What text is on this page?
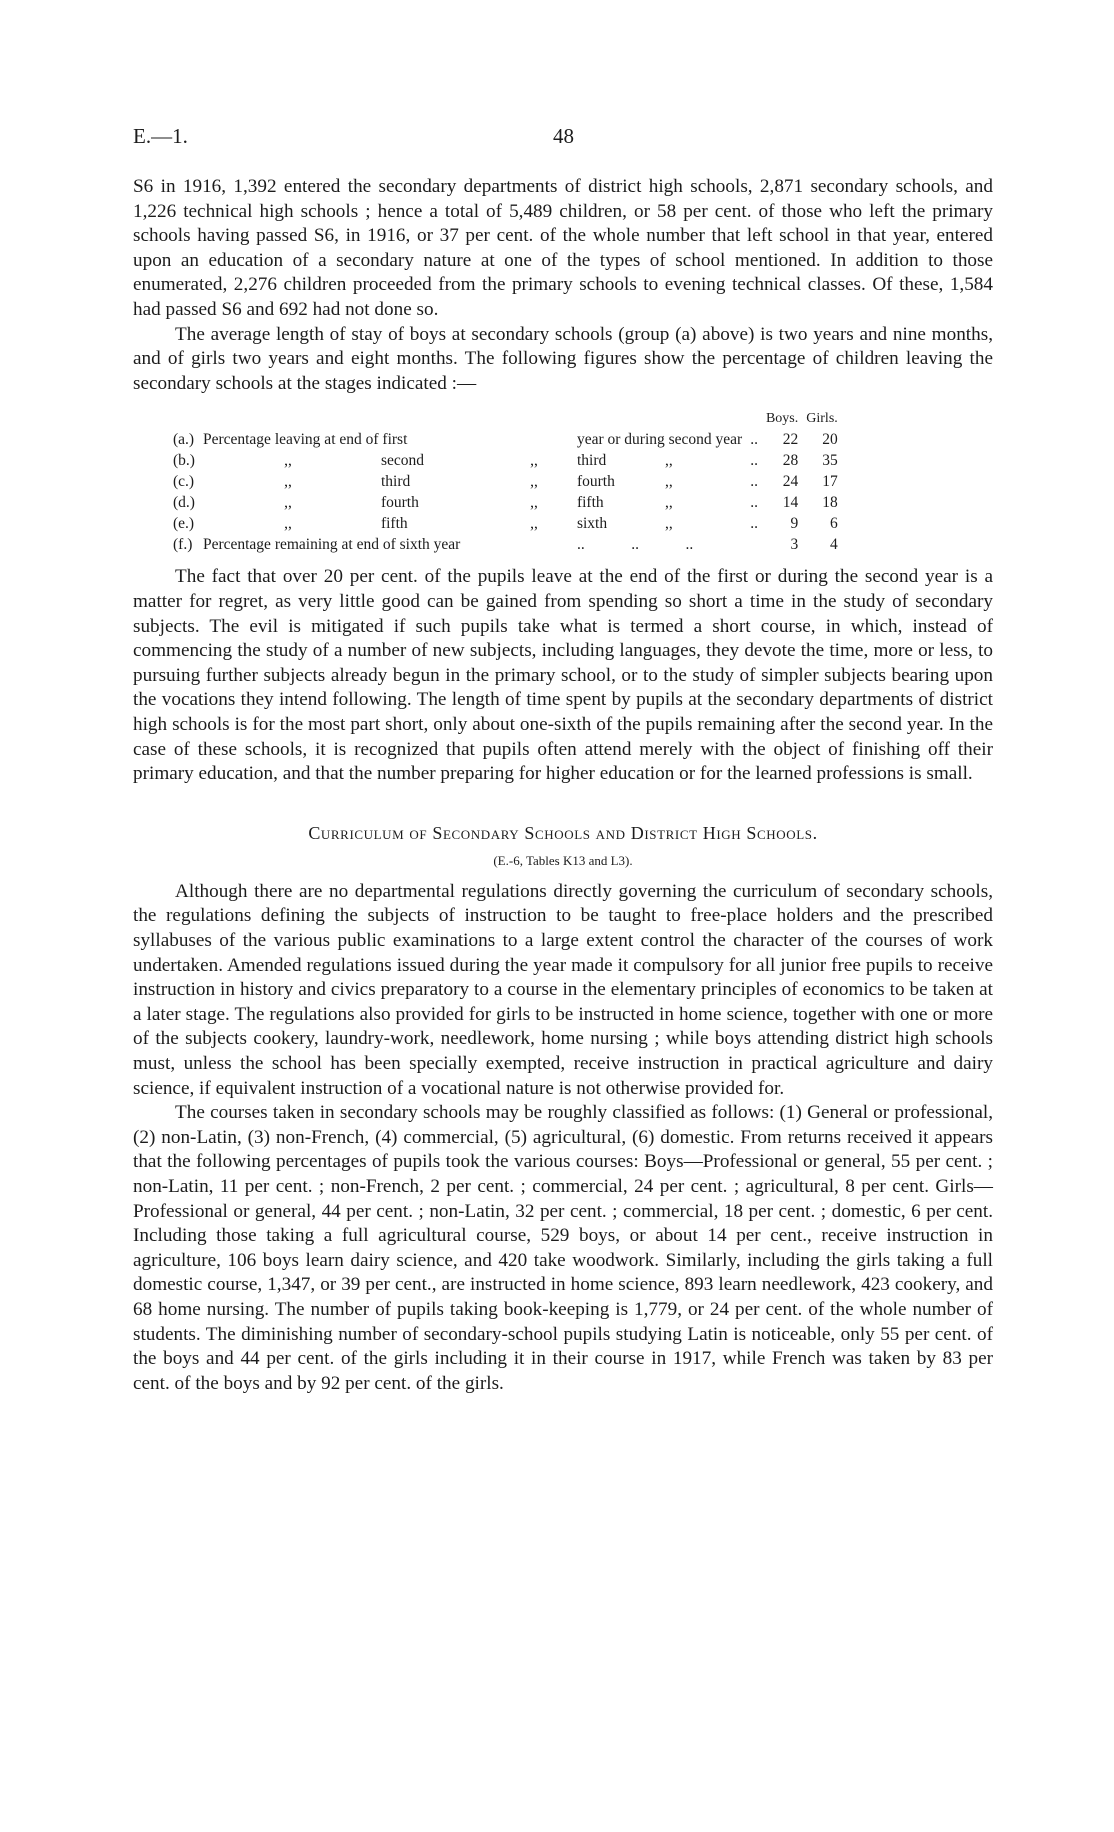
E.—1.	48

S6 in 1916, 1,392 entered the secondary departments of district high schools, 2,871 secondary schools, and 1,226 technical high schools ; hence a total of 5,489 children, or 58 per cent. of those who left the primary schools having passed S6, in 1916, or 37 per cent. of the whole number that left school in that year, entered upon an education of a secondary nature at one of the types of school mentioned. In addition to those enumerated, 2,276 children proceeded from the primary schools to evening technical classes. Of these, 1,584 had passed S6 and 692 had not done so.

The average length of stay of boys at secondary schools (group (a) above) is two years and nine months, and of girls two years and eight months. The following figures show the percentage of children leaving the secondary schools at the stages indicated :—

							Boys.	Girls.
(a.)	Percentage leaving at end of first			year or during second year		..	22	20
(b.)	,,	second	,,	third	,,	..	28	35
(c.)	,,	third	,,	fourth	,,	..	24	17
(d.)	,,	fourth	,,	fifth	,,	..	14	18
(e.)	,,	fifth	,,	sixth	,,	..	9	6
(f.)	Percentage remaining at end of sixth year			..            ..            ..			3	4

The fact that over 20 per cent. of the pupils leave at the end of the first or during the second year is a matter for regret, as very little good can be gained from spending so short a time in the study of secondary subjects. The evil is mitigated if such pupils take what is termed a short course, in which, instead of commencing the study of a number of new subjects, including languages, they devote the time, more or less, to pursuing further subjects already begun in the primary school, or to the study of simpler subjects bearing upon the vocations they intend following. The length of time spent by pupils at the secondary departments of district high schools is for the most part short, only about one-sixth of the pupils remaining after the second year. In the case of these schools, it is recognized that pupils often attend merely with the object of finishing off their primary education, and that the number preparing for higher education or for the learned professions is small.

Curriculum of Secondary Schools and District High Schools.
(E.-6, Tables K13 and L3).

Although there are no departmental regulations directly governing the curriculum of secondary schools, the regulations defining the subjects of instruction to be taught to free-place holders and the prescribed syllabuses of the various public examinations to a large extent control the character of the courses of work undertaken. Amended regulations issued during the year made it compulsory for all junior free pupils to receive instruction in history and civics preparatory to a course in the elementary principles of economics to be taken at a later stage. The regulations also provided for girls to be instructed in home science, together with one or more of the subjects cookery, laundry-work, needlework, home nursing ; while boys attending district high schools must, unless the school has been specially exempted, receive instruction in practical agriculture and dairy science, if equivalent instruction of a vocational nature is not otherwise provided for.

The courses taken in secondary schools may be roughly classified as follows: (1) General or professional, (2) non-Latin, (3) non-French, (4) commercial, (5) agricultural, (6) domestic. From returns received it appears that the following percentages of pupils took the various courses: Boys—Professional or general, 55 per cent. ; non-Latin, 11 per cent. ; non-French, 2 per cent. ; commercial, 24 per cent. ; agricultural, 8 per cent. Girls—Professional or general, 44 per cent. ; non-Latin, 32 per cent. ; commercial, 18 per cent. ; domestic, 6 per cent. Including those taking a full agricultural course, 529 boys, or about 14 per cent., receive instruction in agriculture, 106 boys learn dairy science, and 420 take woodwork. Similarly, including the girls taking a full domestic course, 1,347, or 39 per cent., are instructed in home science, 893 learn needlework, 423 cookery, and 68 home nursing. The number of pupils taking book-keeping is 1,779, or 24 per cent. of the whole number of students. The diminishing number of secondary-school pupils studying Latin is noticeable, only 55 per cent. of the boys and 44 per cent. of the girls including it in their course in 1917, while French was taken by 83 per cent. of the boys and by 92 per cent. of the girls.
